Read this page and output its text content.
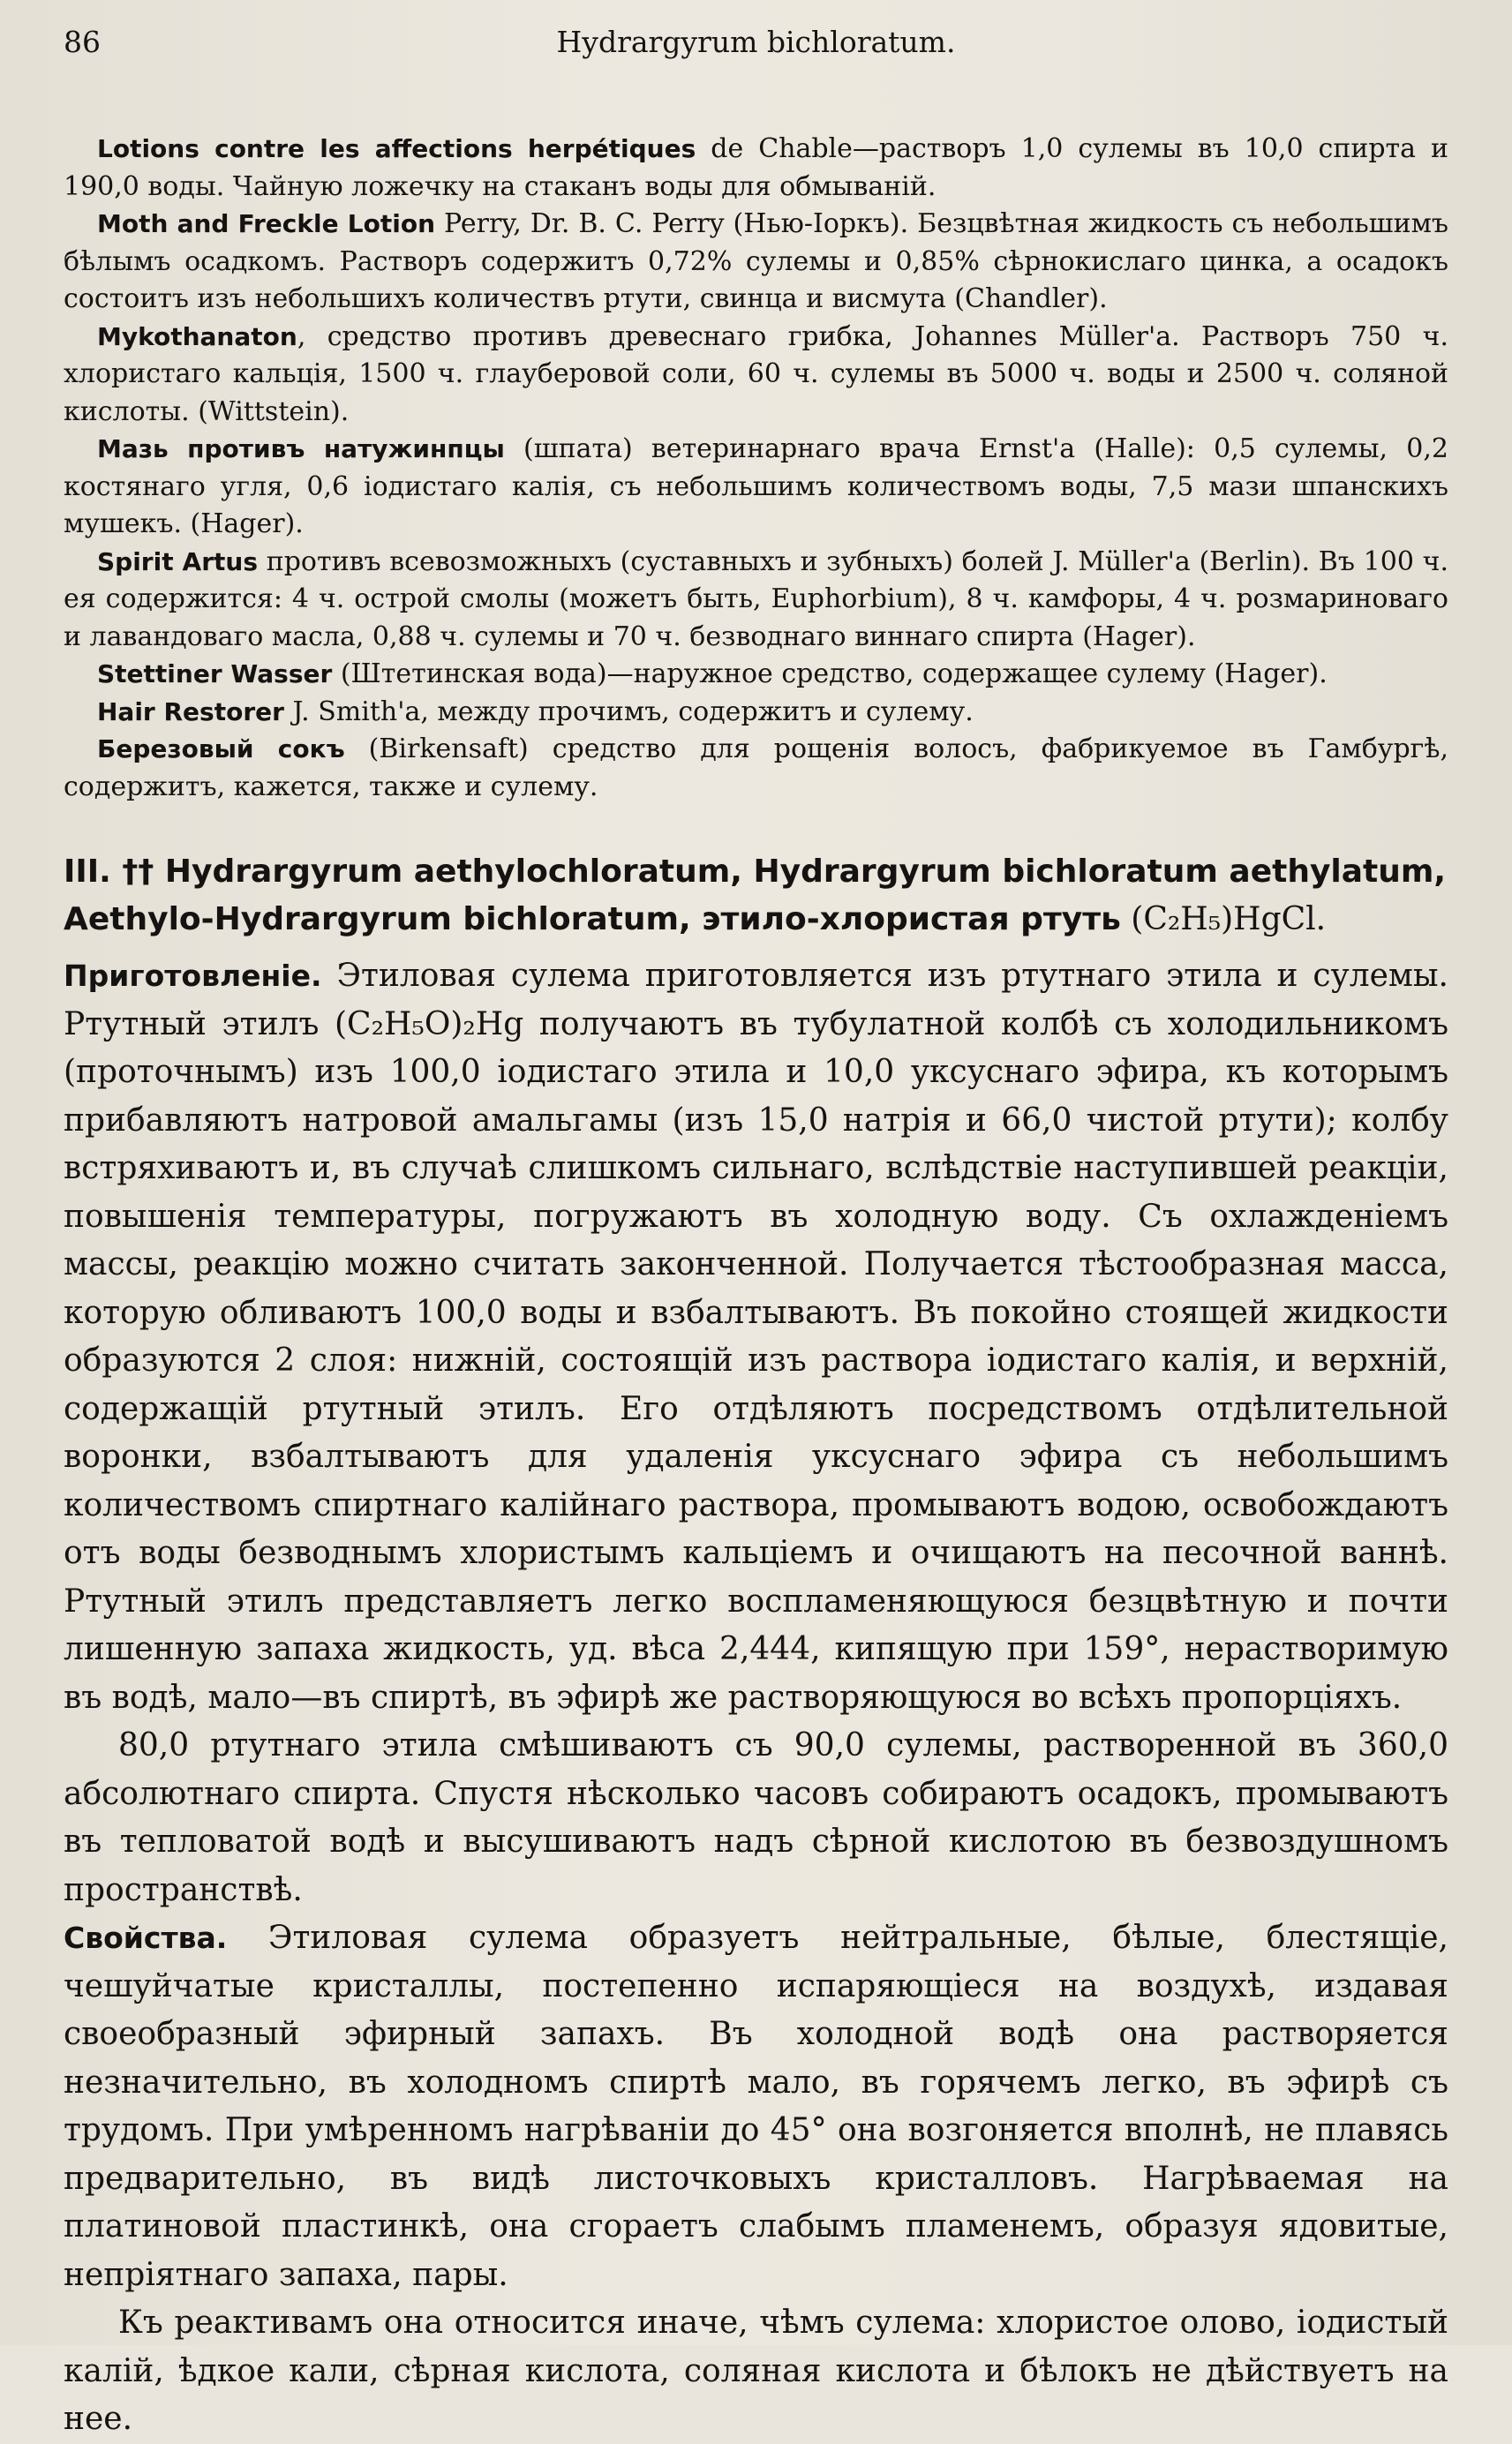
86	Hydrargyrum bichloratum.

Lotions contre les affections herpétiques de Chable—растворъ 1,0 сулемы въ 10,0 спирта и 190,0 воды. Чайную ложечку на стаканъ воды для обмыванiй.

Moth and Freckle Lotion Perry, Dr. B. C. Perry (Нью-Iоркъ). Безцвѣтная жидкость съ небольшимъ бѣлымъ осадкомъ. Растворъ содержитъ 0,72% сулемы и 0,85% сѣрнокислаго цинка, а осадокъ состоитъ изъ небольшихъ количествъ ртути, свинца и висмута (Chandler).

Mykothanaton, средство противъ древеснаго грибка, Johannes Müller'a. Растворъ 750 ч. хлористаго кальцiя, 1500 ч. глауберовой соли, 60 ч. сулемы въ 5000 ч. воды и 2500 ч. соляной кислоты. (Wittstein).

Мазь противъ натужинпцы (шпата) ветеринарнаго врача Ernst'a (Halle): 0,5 сулемы, 0,2 костянаго угля, 0,6 iодистаго калiя, съ небольшимъ количествомъ воды, 7,5 мази шпанскихъ мушекъ. (Hager).

Spirit Artus противъ всевозможныхъ (суставныхъ и зубныхъ) болей J. Müller'a (Berlin). Въ 100 ч. ея содержится: 4 ч. острой смолы (можетъ быть, Euphorbium), 8 ч. камфоры, 4 ч. розмариноваго и лавандоваго масла, 0,88 ч. сулемы и 70 ч. безводнаго виннаго спирта (Hager).

Stettiner Wasser (Штетинская вода)—наружное средство, содержащее сулему (Hager).

Hair Restorer J. Smith'a, между прочимъ, содержитъ и сулему.

Березовый сокъ (Birkensaft) средство для рощенiя волосъ, фабрикуемое въ Гамбургѣ, содержитъ, кажется, также и сулему.

III. †† Hydrargyrum aethylochloratum, Hydrargyrum bichloratum aethylatum, Aethylo-Hydrargyrum bichloratum, этило-хлористая ртуть (C₂H₅)HgCl.

Приготовленiе. Этиловая сулема приготовляется изъ ртутнаго этила и сулемы. Ртутный этилъ (C₂H₅O)₂Hg получаютъ въ тубулатной колбѣ съ холодильникомъ (проточнымъ) изъ 100,0 iодистаго этила и 10,0 уксуснаго эфира, къ которымъ прибавляютъ натровой амальгамы (изъ 15,0 натрiя и 66,0 чистой ртути); колбу встряхиваютъ и, въ случаѣ слишкомъ сильнаго, вслѣдствiе наступившей реакцiи, повышенiя температуры, погружаютъ въ холодную воду. Съ охлажденiемъ массы, реакцiю можно считать законченной. Получается тѣстообразная масса, которую обливаютъ 100,0 воды и взбалтываютъ. Въ покойно стоящей жидкости образуются 2 слоя: нижнiй, состоящiй изъ раствора iодистаго калiя, и верхнiй, содержащiй ртутный этилъ. Его отдѣляютъ посредствомъ отдѣлительной воронки, взбалтываютъ для удаленiя уксуснаго эфира съ небольшимъ количествомъ спиртнаго калiйнаго раствора, промываютъ водою, освобождаютъ отъ воды безводнымъ хлористымъ кальцiемъ и очищаютъ на песочной ваннѣ. Ртутный этилъ представляетъ легко воспламеняющуюся безцвѣтную и почти лишенную запаха жидкость, уд. вѣса 2,444, кипящую при 159°, нерастворимую въ водѣ, мало—въ спиртѣ, въ эфирѣ же растворяющуюся во всѣхъ пропорцiяхъ.

80,0 ртутнаго этила смѣшиваютъ съ 90,0 сулемы, растворенной въ 360,0 абсолютнаго спирта. Спустя нѣсколько часовъ собираютъ осадокъ, промываютъ въ тепловатой водѣ и высушиваютъ надъ сѣрной кислотою въ безвоздушномъ пространствѣ.

Свойства. Этиловая сулема образуетъ нейтральные, бѣлые, блестящiе, чешуйчатые кристаллы, постепенно испаряющiеся на воздухѣ, издавая своеобразный эфирный запахъ. Въ холодной водѣ она растворяется незначительно, въ холодномъ спиртѣ мало, въ горячемъ легко, въ эфирѣ съ трудомъ. При умѣренномъ нагрѣванiи до 45° она возгоняется вполнѣ, не плавясь предварительно, въ видѣ листочковыхъ кристалловъ. Нагрѣваемая на платиновой пластинкѣ, она сгораетъ слабымъ пламенемъ, образуя ядовитые, непрiятнаго запаха, пары.

Къ реактивамъ она относится иначе, чѣмъ сулема: хлористое олово, iодистый калiй, ѣдкое кали, сѣрная кислота, соляная кислота и бѣлокъ не дѣйствуетъ на нее.
